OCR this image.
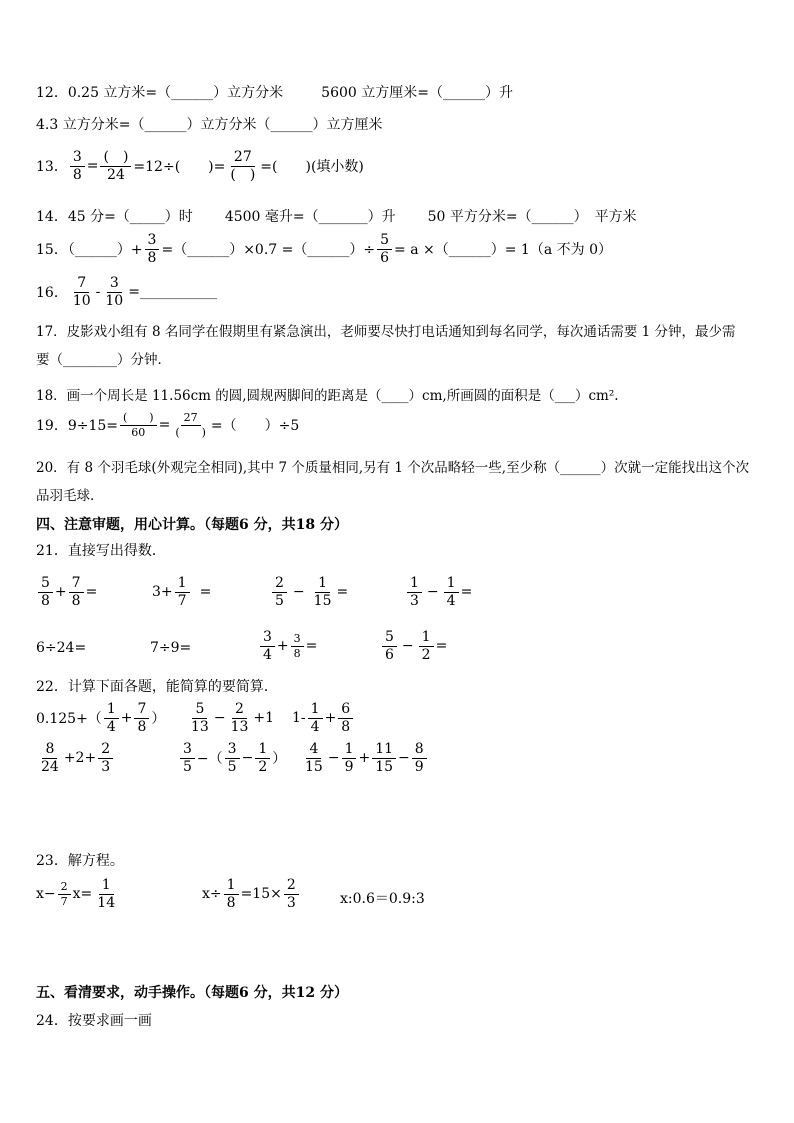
12．0.25 立方米=（______）立方分米	5600 立方厘米=（______）升
4.3 立方分米=（______）立方分米（______）立方厘米
13． $\frac{3}{8} = \frac{( )}{24} =12\div$(　　)= $\frac{27}{( )}$ =(　　)(填小数)
14．45 分=（_____）时 4500 毫升=（_______）升 50 平方分米=（______）　平方米
15．（______）+ $\frac{3}{8}$ =（______）×0.7 =（______）÷ $\frac{5}{6} = a$ ×（______）= 1（a 不为 0）
16． $\frac{7}{10} - \frac{3}{10}$ =___________
17．皮影戏小组有 8 名同学在假期里有紧急演出，老师要尽快打电话通知到每名同学，每次通话需要 1 分钟，最少需
要（________）分钟．
18．画一个周长是 11.56cm 的圆,圆规两脚间的距离是（____）cm,所画圆的面积是（___）cm².
19．$9\div 15= \frac{( )}{60} = \frac{27}{( )}$ =（　　）÷5
20．有 8 个羽毛球(外观完全相同),其中 7 个质量相同,另有 1 个次品略轻一些,至少称（______）次就一定能找出这个次
品羽毛球．
四、注意审题，用心计算。（每题6 分，共18 分）
21．直接写出得数．
$\frac{5}{8} + \frac{7}{8}$ =	$3+ \frac{1}{7}$ =	$\frac{2}{5} - \frac{1}{15}$ =	$\frac{1}{3} - \frac{1}{4}$ =
6÷24=	7÷9=	$\frac{3}{4} + \frac{3}{8}$ =	$\frac{5}{6} - \frac{1}{2}$ =
22．计算下面各题，能简算的要简算．
$0.125+( \frac{1}{4} + \frac{7}{8}$ ） $\frac{5}{13} - \frac{2}{13} +1$ $1- \frac{1}{4} + \frac{6}{8}$
$\frac{8}{24} +2+ \frac{2}{3}$	$\frac{3}{5}$ −（ $\frac{3}{5} - \frac{1}{2}$ ） $\frac{4}{15} - \frac{1}{9} + \frac{11}{15} - \frac{8}{9}$
23．解方程。
$x- \frac{2}{7} x= \frac{1}{14}$	$x\div \frac{1}{8} =15\times \frac{2}{3}$	x:0.6＝0.9:3
五、看清要求，动手操作。（每题6 分，共12 分）
24．按要求画一画
